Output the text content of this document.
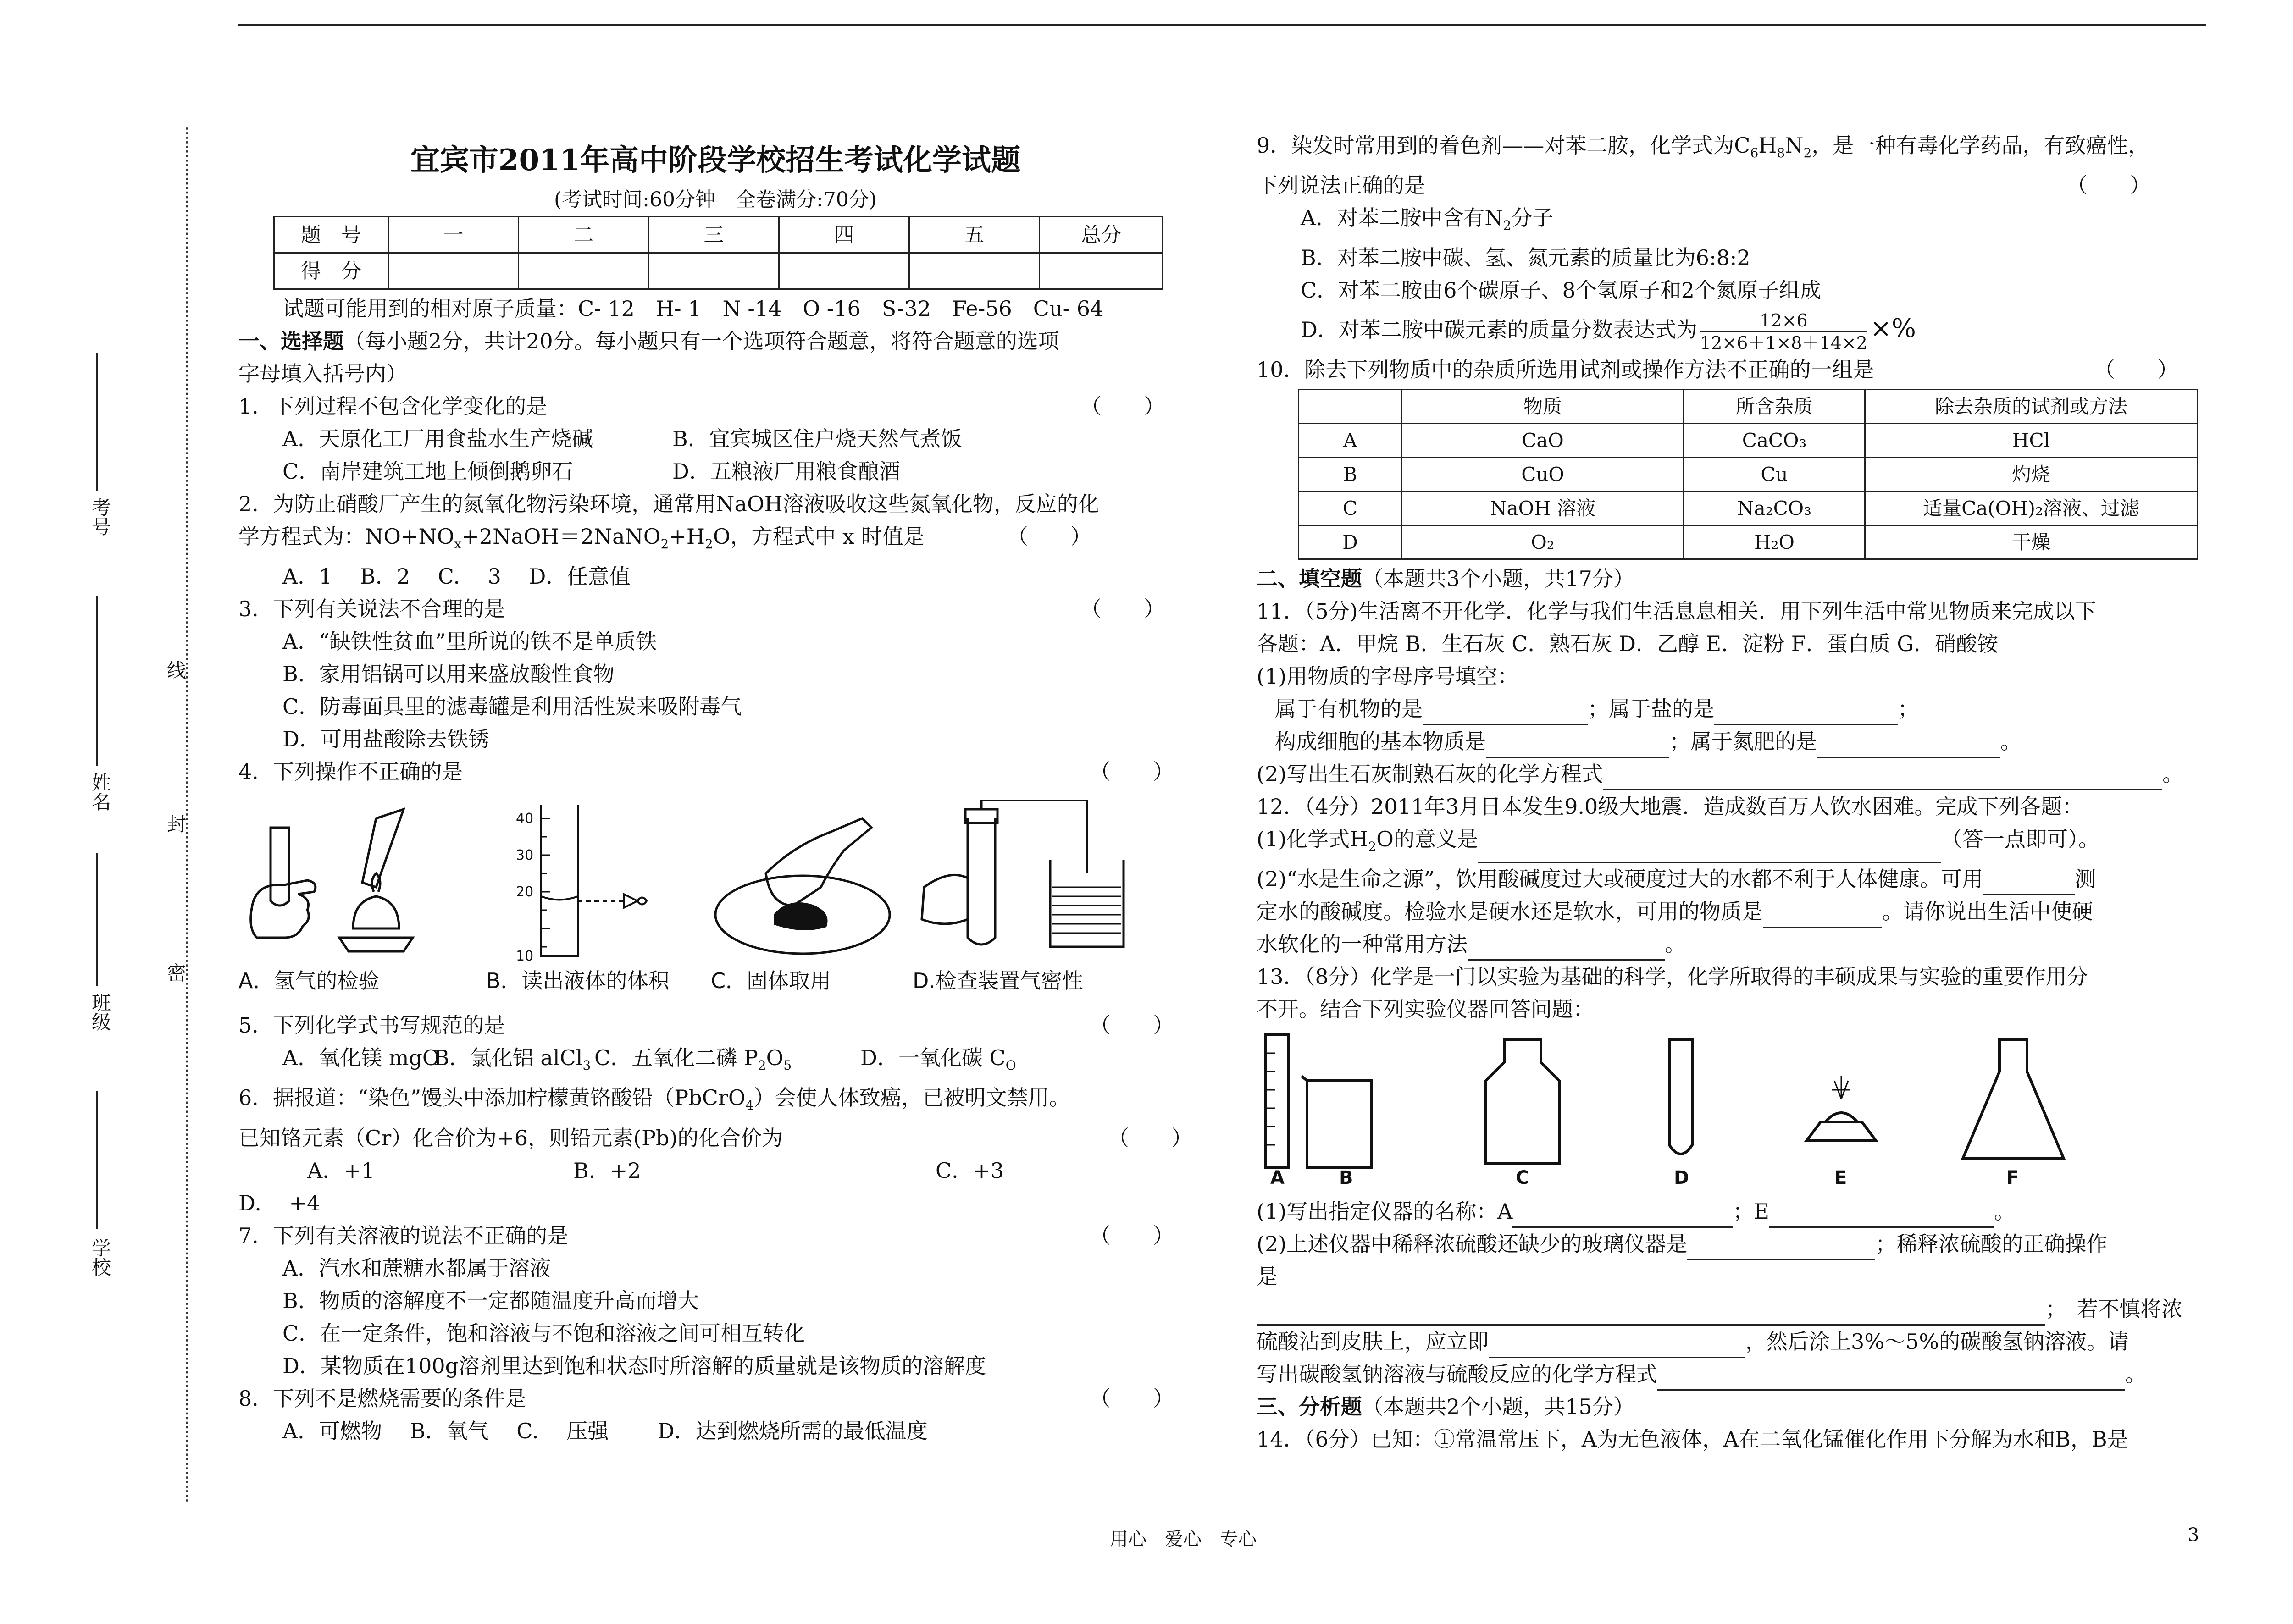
考号
姓名
班级
学校
线
封
密

宜宾市2011年高中阶段学校招生考试化学试题

(考试时间:60分钟　全卷满分:70分)

题　号	一	二	三	四	五	总分
得　分						

试题可能用到的相对原子质量：C- 12　H- 1　N -14　O -16　S-32　Fe-56　Cu- 64

一、选择题（每小题2分，共计20分。每小题只有一个选项符合题意，将符合题意的选项

字母填入括号内）

1．下列过程不包含化学变化的是	（　　）

A．天原化工厂用食盐水生产烧碱	B．宜宾城区住户烧天然气煮饭

C．南岸建筑工地上倾倒鹅卵石	D．五粮液厂用粮食酿酒

2．为防止硝酸厂产生的氮氧化物污染环境，通常用NaOH溶液吸收这些氮氧化物，反应的化

学方程式为：$NO+NO_x+2NaOH=2NaNO_2+H_2O$，方程式中 x 时值是	（　　）

A．1　 B．2　 C.　 3　 D．任意值

3．下列有关说法不合理的是	（　　）

A．“缺铁性贫血”里所说的铁不是单质铁

B．家用铝锅可以用来盛放酸性食物

C．防毒面具里的滤毒罐是利用活性炭来吸附毒气

D．可用盐酸除去铁锈

4．下列操作不正确的是	（　　）

A．氢气的检验
40
30
20
10
B．读出液体的体积 C．固体取用	D.检查装置气密性

5．下列化学式书写规范的是	（　　）

A．氧化镁 mgOB．氯化铝 alCl$_3$ C．五氧化二磷 $P_2O_5$	D．一氧化碳 $C_O$

6．据报道：“染色”馒头中添加柠檬黄铬酸铅（PbCrO$_4$）会使人体致癌，已被明文禁用。

已知铬元素（Cr）化合价为+6，则铅元素(Pb)的化合价为	（　　）

A．+1	B．+2	C．+3

D.　 +4

7．下列有关溶液的说法不正确的是	（　　）

A．汽水和蔗糖水都属于溶液

B．物质的溶解度不一定都随温度升高而增大

C．在一定条件，饱和溶液与不饱和溶液之间可相互转化

D．某物质在100g溶剂里达到饱和状态时所溶解的质量就是该物质的溶解度

8．下列不是燃烧需要的条件是	（　　）

A．可燃物　 B．氧气　 C.　 压强　　 D．达到燃烧所需的最低温度

9．染发时常用到的着色剂——对苯二胺，化学式为$C_6H_8N_2$，是一种有毒化学药品，有致癌性，

下列说法正确的是	（　　）

A．对苯二胺中含有$N_2$分子

B．对苯二胺中碳、氢、氮元素的质量比为6:8:2

C．对苯二胺由6个碳原子、8个氢原子和2个氮原子组成

D．对苯二胺中碳元素的质量分数表达式为 $\frac{12\times 6}{12\times 6+1\times 8+14\times 2}$ ×%

10．除去下列物质中的杂质所选用试剂或操作方法不正确的一组是	（　　）

	物质	所含杂质	除去杂质的试剂或方法
A	CaO	CaCO₃	HCl
B	CuO	Cu	灼烧
C	NaOH 溶液	Na₂CO₃	适量Ca(OH)₂溶液、过滤
D	O₂	H₂O	干燥

二、填空题（本题共3个小题，共17分）

11．（5分)生活离不开化学．化学与我们生活息息相关．用下列生活中常见物质来完成以下

各题：A．甲烷 B．生石灰 C．熟石灰 D．乙醇 E．淀粉 F．蛋白质 G．硝酸铵

(1)用物质的字母序号填空：

属于有机物的是	；属于盐的是	；

构成细胞的基本物质是	；属于氮肥的是	。

(2)写出生石灰制熟石灰的化学方程式	。

12．（4分）2011年3月日本发生9.0级大地震．造成数百万人饮水困难。完成下列各题：

(1)化学式$H_2O$的意义是	（答一点即可）。

(2)“水是生命之源”，饮用酸碱度过大或硬度过大的水都不利于人体健康。可用	测

定水的酸碱度。检验水是硬水还是软水，可用的物质是	。请你说出生活中使硬

水软化的一种常用方法	。

13．（8分）化学是一门以实验为基础的科学，化学所取得的丰硕成果与实验的重要作用分

不开。结合下列实验仪器回答问题：

A	B	C	D	E	F

(1)写出指定仪器的名称：A	；E	。

(2)上述仪器中稀释浓硫酸还缺少的玻璃仪器是	；稀释浓硫酸的正确操作

是

；　若不慎将浓

硫酸沾到皮肤上，应立即	，然后涂上3%～5%的碳酸氢钠溶液。请

写出碳酸氢钠溶液与硫酸反应的化学方程式	。

三、分析题（本题共2个小题，共15分）

14．（6分）已知：①常温常压下，A为无色液体，A在二氧化锰催化作用下分解为水和B，B是

用心　爱心　专心	3
